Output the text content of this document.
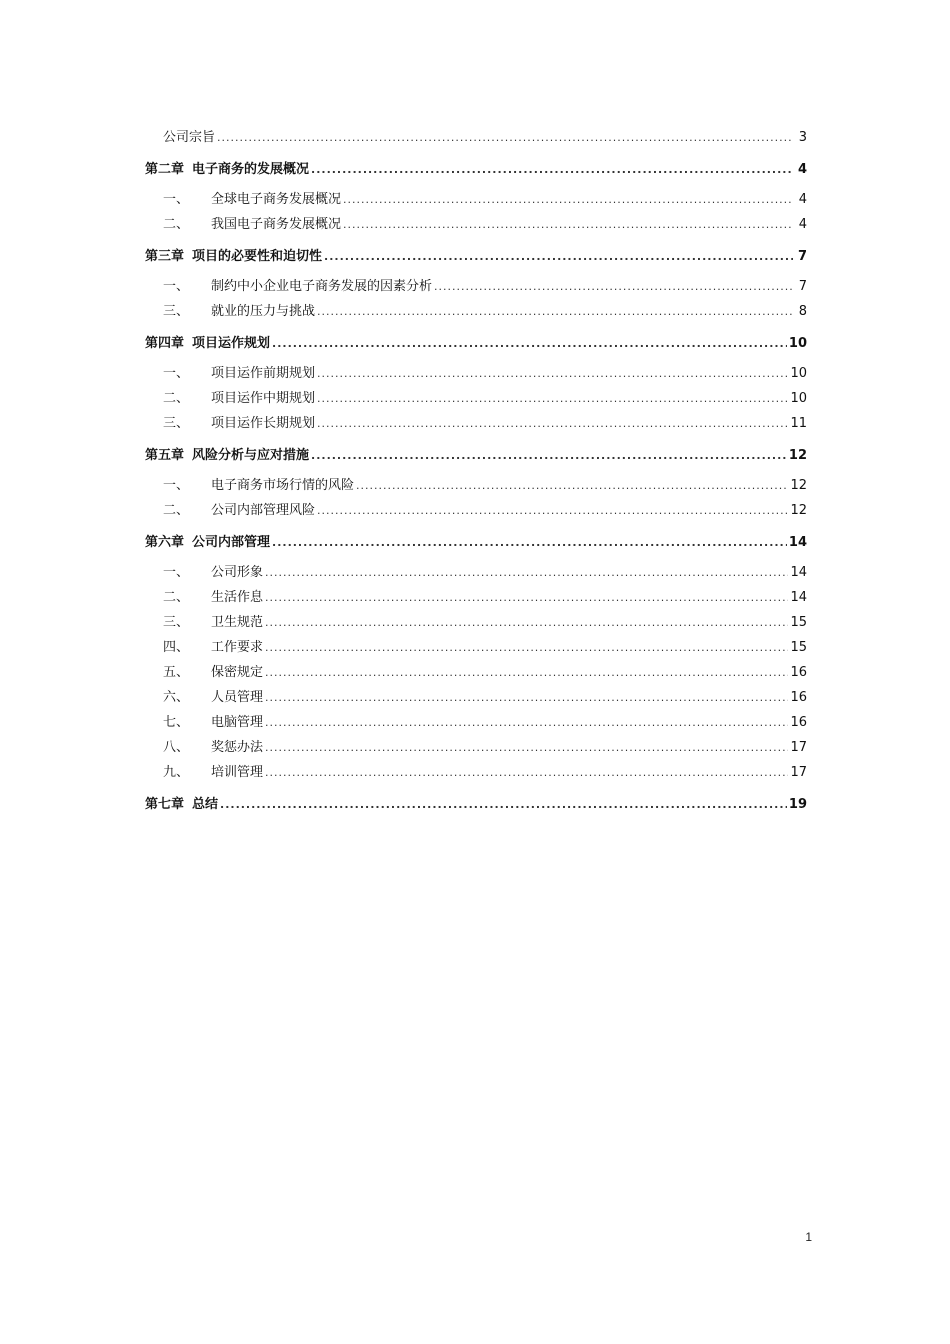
公司宗旨 .....	3
第二章 电子商务的发展概况 .....	4
一、	全球电子商务发展概况 .....	4
二、	我国电子商务发展概况 .....	4
第三章 项目的必要性和迫切性 .....	7
一、	制约中小企业电子商务发展的因素分析 .....	7
三、	就业的压力与挑战 .....	8
第四章 项目运作规划 .....	10
一、	项目运作前期规划 .....	10
二、	项目运作中期规划 .....	10
三、	项目运作长期规划 .....	11
第五章 风险分析与应对措施 .....	12
一、	电子商务市场行情的风险 .....	12
二、	公司内部管理风险 .....	12
第六章 公司内部管理 .....	14
一、	公司形象 .....	14
二、	生活作息 .....	14
三、	卫生规范 .....	15
四、	工作要求 .....	15
五、	保密规定 .....	16
六、	人员管理 .....	16
七、	电脑管理 .....	16
八、	奖惩办法 .....	17
九、	培训管理 .....	17
第七章 总结 .....	19
1
